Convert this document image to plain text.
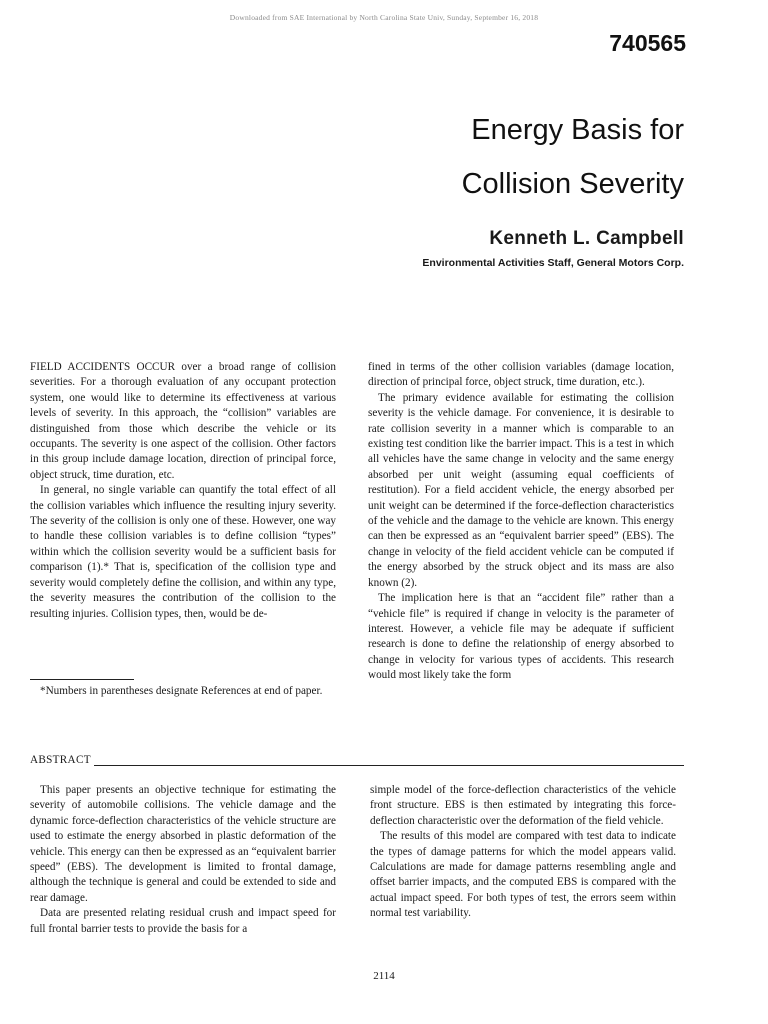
Downloaded from SAE International by North Carolina State Univ, Sunday, September 16, 2018
740565
Energy Basis for
Collision Severity
Kenneth L. Campbell
Environmental Activities Staff, General Motors Corp.

FIELD ACCIDENTS OCCUR over a broad range of collision severities. For a thorough evaluation of any occupant protection system, one would like to determine its effectiveness at various levels of severity. In this approach, the “collision” variables are distinguished from those which describe the vehicle or its occupants. The severity is one aspect of the collision. Other factors in this group include damage location, direction of principal force, object struck, time duration, etc.

In general, no single variable can quantify the total effect of all the collision variables which influence the resulting injury severity. The severity of the collision is only one of these. However, one way to handle these collision variables is to define collision “types” within which the collision severity would be a sufficient basis for comparison (1).* That is, specification of the collision type and severity would completely define the collision, and within any type, the severity measures the contribution of the collision to the resulting injuries. Collision types, then, would be de-

fined in terms of the other collision variables (damage location, direction of principal force, object struck, time duration, etc.).

The primary evidence available for estimating the collision severity is the vehicle damage. For convenience, it is desirable to rate collision severity in a manner which is comparable to an existing test condition like the barrier impact. This is a test in which all vehicles have the same change in velocity and the same energy absorbed per unit weight (assuming equal coefficients of restitution). For a field accident vehicle, the energy absorbed per unit weight can be determined if the force-deflection characteristics of the vehicle and the damage to the vehicle are known. This energy can then be expressed as an “equivalent barrier speed” (EBS). The change in velocity of the field accident vehicle can be computed if the energy absorbed by the struck object and its mass are also known (2).

The implication here is that an “accident file” rather than a “vehicle file” is required if change in velocity is the parameter of interest. However, a vehicle file may be adequate if sufficient research is done to define the relationship of energy absorbed to change in velocity for various types of accidents. This research would most likely take the form

*Numbers in parentheses designate References at end of paper.
ABSTRACT

This paper presents an objective technique for estimating the severity of automobile collisions. The vehicle damage and the dynamic force-deflection characteristics of the vehicle structure are used to estimate the energy absorbed in plastic deformation of the vehicle. This energy can then be expressed as an “equivalent barrier speed” (EBS). The development is limited to frontal damage, although the technique is general and could be extended to side and rear damage.

Data are presented relating residual crush and impact speed for full frontal barrier tests to provide the basis for a

simple model of the force-deflection characteristics of the vehicle front structure. EBS is then estimated by integrating this force-deflection characteristic over the deformation of the field vehicle.

The results of this model are compared with test data to indicate the types of damage patterns for which the model appears valid. Calculations are made for damage patterns resembling angle and offset barrier impacts, and the computed EBS is compared with the actual impact speed. For both types of test, the errors seem within normal test variability.

2114
